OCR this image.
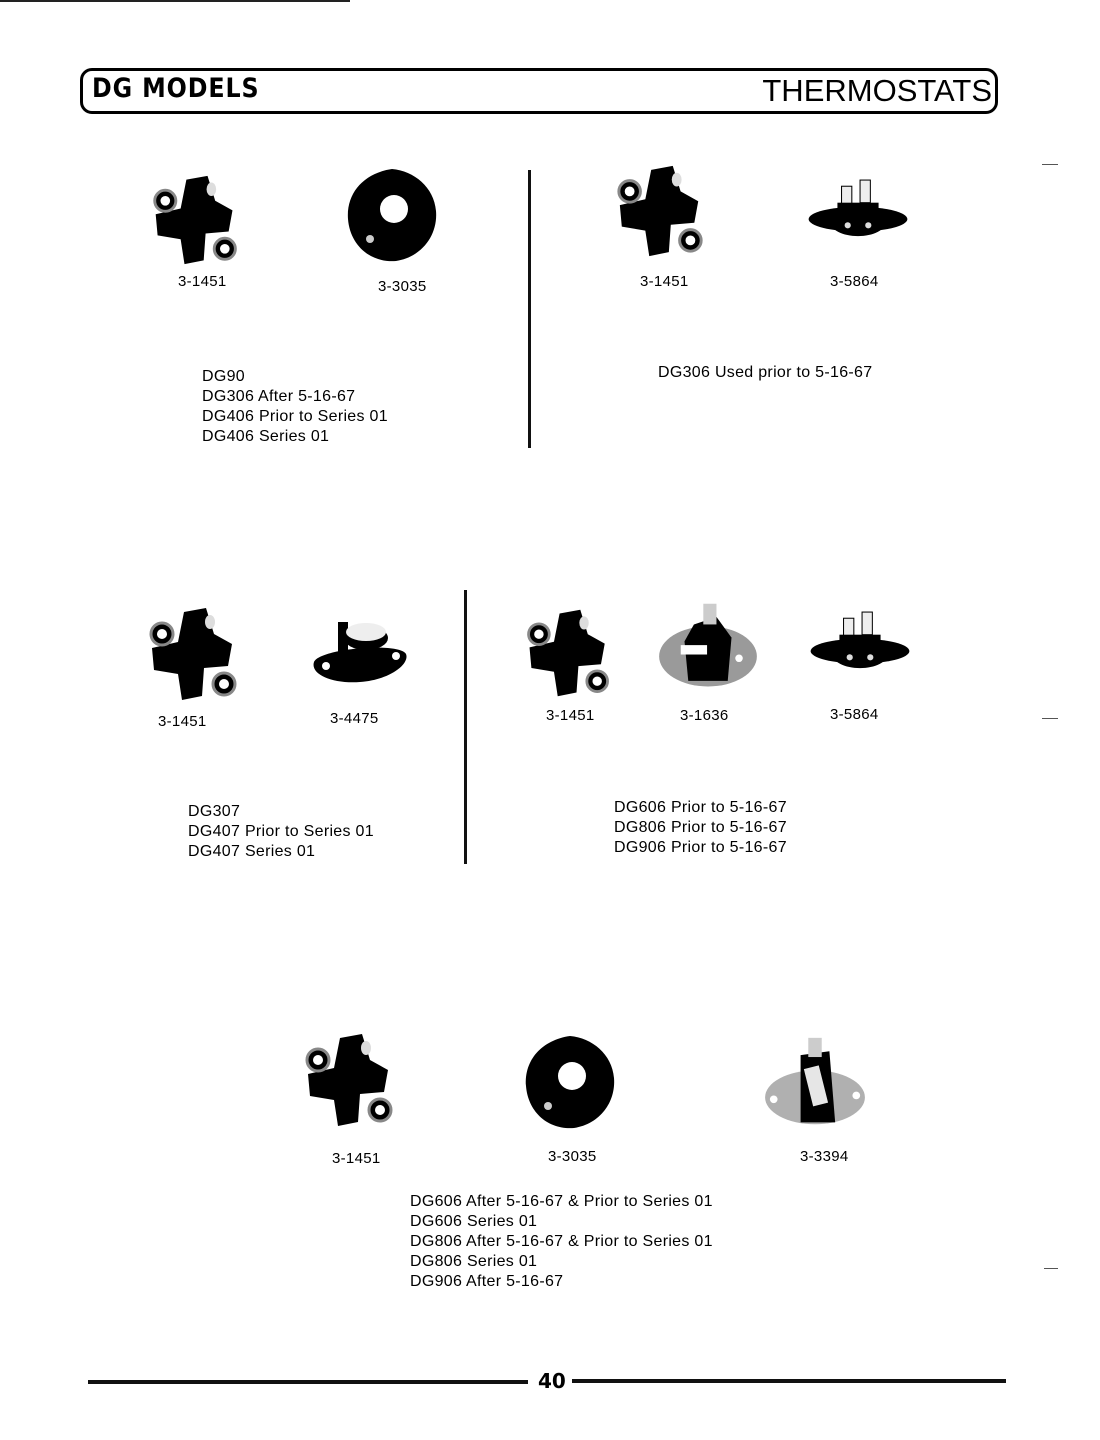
DG MODELS	THERMOSTATS
3-1451	3-3035
DG90
DG306 After 5-16-67
DG406 Prior to Series 01
DG406 Series 01
3-1451	3-5864
DG306 Used prior to 5-16-67
3-1451	3-4475
DG307
DG407 Prior to Series 01
DG407 Series 01
3-1451	3-1636	3-5864
DG606 Prior to 5-16-67
DG806 Prior to 5-16-67
DG906 Prior to 5-16-67
3-1451	3-3035	3-3394
DG606 After 5-16-67 & Prior to Series 01
DG606 Series 01
DG806 After 5-16-67 & Prior to Series 01
DG806 Series 01
DG906 After 5-16-67
40
